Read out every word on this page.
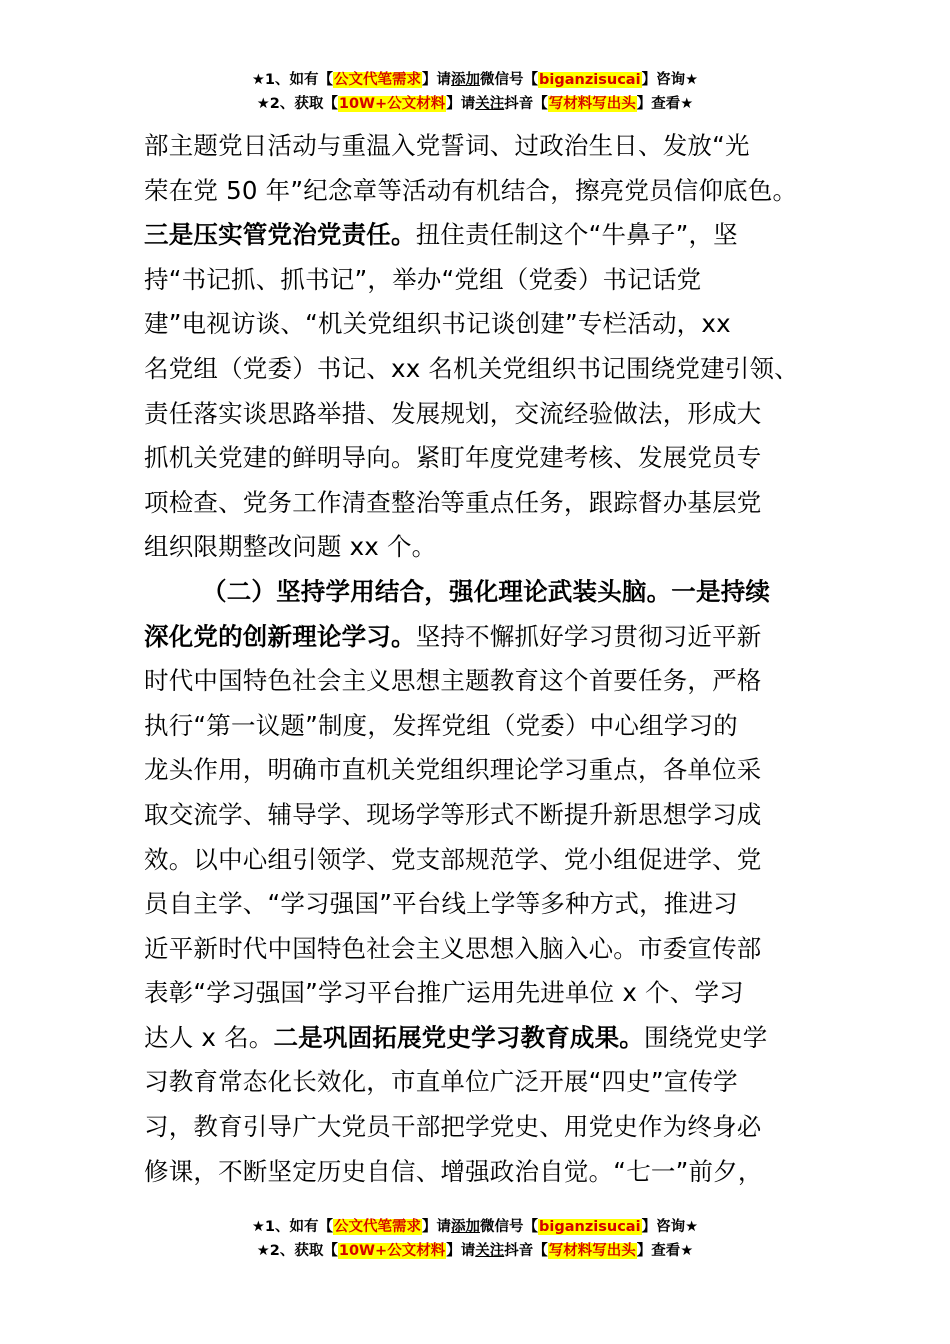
★1、如有【公文代笔需求】请添加微信号【biganzisucai】咨询★
★2、获取【10W+公文材料】请关注抖音【写材料写出头】查看★
部主题党日活动与重温入党誓词、过政治生日、发放“光
荣在党 50 年”纪念章等活动有机结合，擦亮党员信仰底色。
三是压实管党治党责任。扭住责任制这个“牛鼻子”，坚
持“书记抓、抓书记”，举办“党组（党委）书记话党
建”电视访谈、“机关党组织书记谈创建”专栏活动，xx
名党组（党委）书记、xx 名机关党组织书记围绕党建引领、
责任落实谈思路举措、发展规划，交流经验做法，形成大
抓机关党建的鲜明导向。紧盯年度党建考核、发展党员专
项检查、党务工作清查整治等重点任务，跟踪督办基层党
组织限期整改问题 xx 个。
（二）坚持学用结合，强化理论武装头脑。一是持续
深化党的创新理论学习。坚持不懈抓好学习贯彻习近平新
时代中国特色社会主义思想主题教育这个首要任务，严格
执行“第一议题”制度，发挥党组（党委）中心组学习的
龙头作用，明确市直机关党组织理论学习重点，各单位采
取交流学、辅导学、现场学等形式不断提升新思想学习成
效。以中心组引领学、党支部规范学、党小组促进学、党
员自主学、“学习强国”平台线上学等多种方式，推进习
近平新时代中国特色社会主义思想入脑入心。市委宣传部
表彰“学习强国”学习平台推广运用先进单位 x 个、学习
达人 x 名。二是巩固拓展党史学习教育成果。围绕党史学
习教育常态化长效化，市直单位广泛开展“四史”宣传学
习，教育引导广大党员干部把学党史、用党史作为终身必
修课，不断坚定历史自信、增强政治自觉。“七一”前夕，
★1、如有【公文代笔需求】请添加微信号【biganzisucai】咨询★
★2、获取【10W+公文材料】请关注抖音【写材料写出头】查看★
